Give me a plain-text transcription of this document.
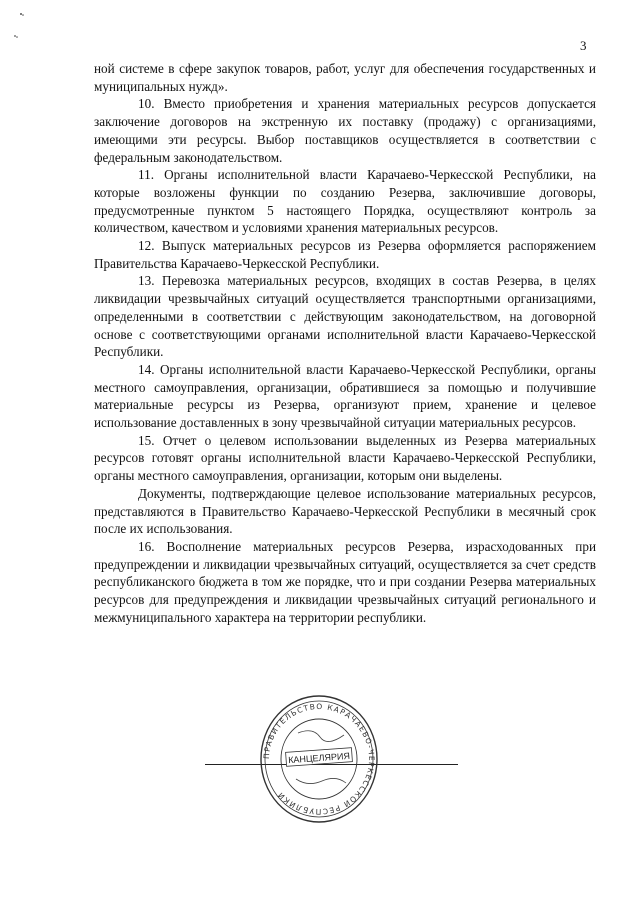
3

ной системе в сфере закупок товаров, работ, услуг для обеспечения государственных и муниципальных нужд».

10. Вместо приобретения и хранения материальных ресурсов допускается заключение договоров на экстренную их поставку (продажу) с организациями, имеющими эти ресурсы. Выбор поставщиков осуществляется в соответствии с федеральным законодательством.

11. Органы исполнительной власти Карачаево-Черкесской Республики, на которые возложены функции по созданию Резерва, заключившие договоры, предусмотренные пунктом 5 настоящего Порядка, осуществляют контроль за количеством, качеством и условиями хранения материальных ресурсов.

12. Выпуск материальных ресурсов из Резерва оформляется распоряжением Правительства Карачаево-Черкесской Республики.

13. Перевозка материальных ресурсов, входящих в состав Резерва, в целях ликвидации чрезвычайных ситуаций осуществляется транспортными организациями, определенными в соответствии с действующим законодательством, на договорной основе с соответствующими органами исполнительной власти Карачаево-Черкесской Республики.

14. Органы исполнительной власти Карачаево-Черкесской Республики, органы местного самоуправления, организации, обратившиеся за помощью и получившие материальные ресурсы из Резерва, организуют прием, хранение и целевое использование доставленных в зону чрезвычайной ситуации материальных ресурсов.

15. Отчет о целевом использовании выделенных из Резерва материальных ресурсов готовят органы исполнительной власти Карачаево-Черкесской Республики, органы местного самоуправления, организации, которым они выделены.

Документы, подтверждающие целевое использование материальных ресурсов, представляются в Правительство Карачаево-Черкесской Республики в месячный срок после их использования.

16. Восполнение материальных ресурсов Резерва, израсходованных при предупреждении и ликвидации чрезвычайных ситуаций, осуществляется за счет средств республиканского бюджета в том же порядке, что и при создании Резерва материальных ресурсов для предупреждения и ликвидации чрезвычайных ситуаций регионального и межмуниципального характера на территории республики.

ПРАВИТЕЛЬСТВО КАРАЧАЕВО-ЧЕРКЕССКОЙ РЕСПУБЛИКИ
КАНЦЕЛЯРИЯ
